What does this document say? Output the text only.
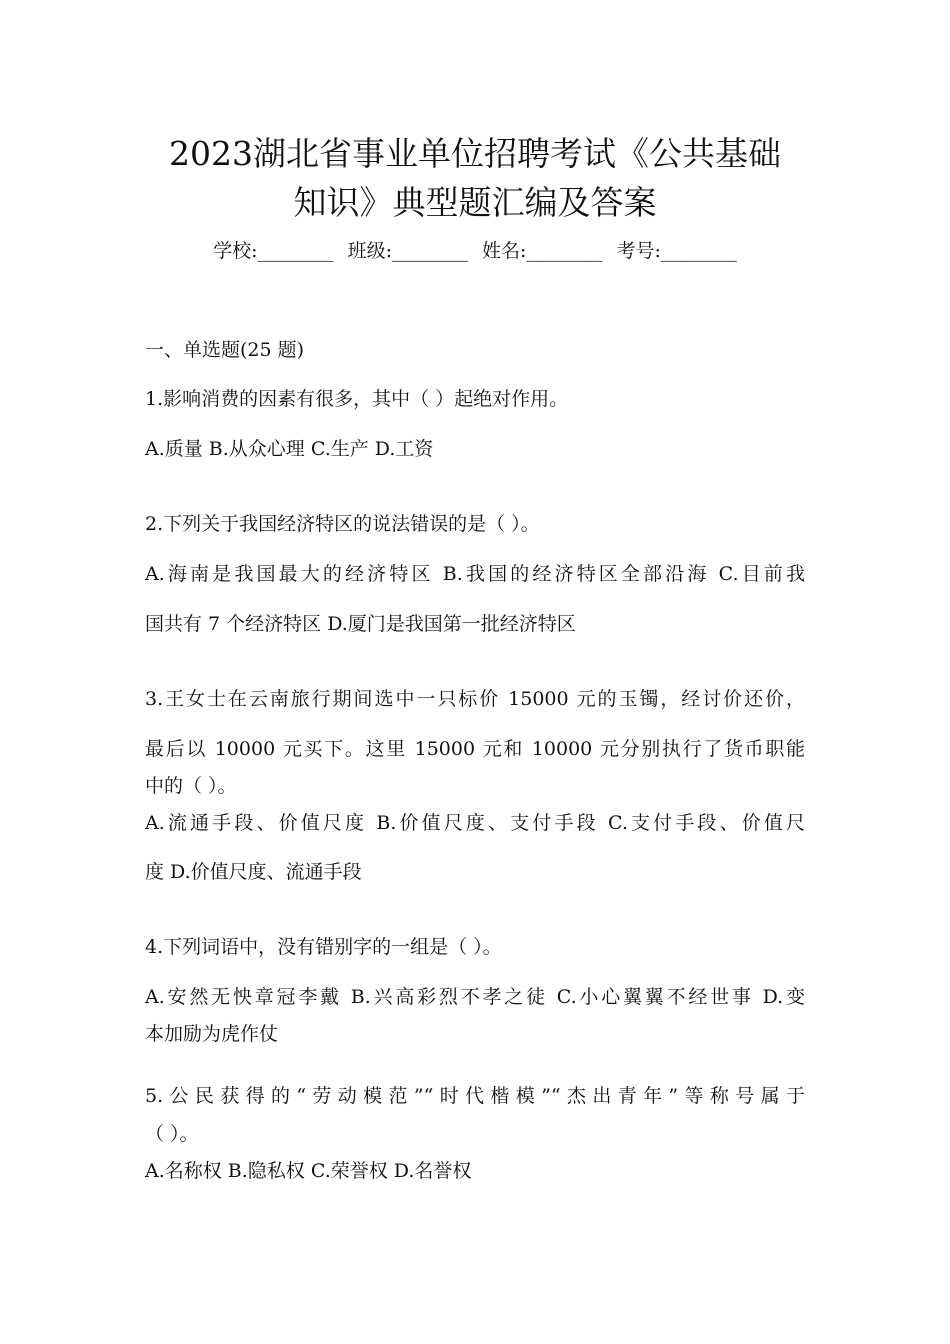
2023湖北省事业单位招聘考试《公共基础
知识》典型题汇编及答案
学校:________ 班级:________ 姓名:________ 考号:________
一、单选题(25 题)
1.影响消费的因素有很多，其中（ ）起绝对作用。
A.质量 B.从众心理 C.生产 D.工资
2.下列关于我国经济特区的说法错误的是（ ）。
A.海南是我国最大的经济特区 B.我国的经济特区全部沿海 C.目前我
国共有 7 个经济特区 D.厦门是我国第一批经济特区
3.王女士在云南旅行期间选中一只标价 15000 元的玉镯，经讨价还价，
最后以 10000 元买下。这里 15000 元和 10000 元分别执行了货币职能
中的（ ）。
A.流通手段、价值尺度 B.价值尺度、支付手段 C.支付手段、价值尺
度 D.价值尺度、流通手段
4.下列词语中，没有错别字的一组是（ ）。
A.安然无怏章冠李戴 B.兴高彩烈不孝之徒 C.小心翼翼不经世事 D.变
本加励为虎作仗
5.公民获得的“劳动模范”“时代楷模”“杰出青年”等称号属于
（ ）。
A.名称权 B.隐私权 C.荣誉权 D.名誉权
